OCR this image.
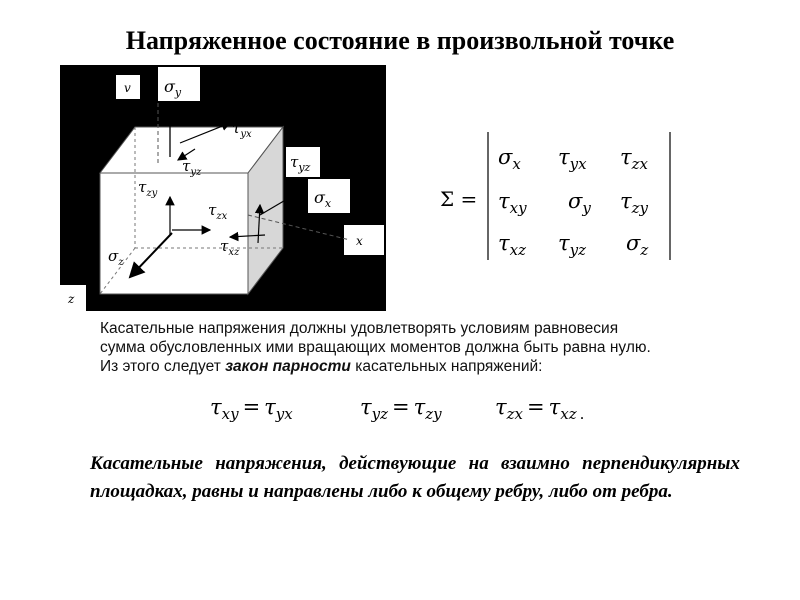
Напряженное состояние в произвольной точке
v $\sigma_y$
x
z
$\sigma_x$
$\tau_{yz}$
$\tau_{yx}$
$\tau_{yz}$
$\tau_{zy}$
$\tau_{zx}$
$\sigma_z$
$\tau_{xz}$
Σ =
$\sigma_x$ $\tau_{yx}$ $\tau_{zx}$
$\tau_{xy}$ $\sigma_y$ $\tau_{zy}$
$\tau_{xz}$ $\tau_{yz}$ $\sigma_z$
Касательные напряжения должны удовлетворять условиям равновесия
сумма обусловленных ими вращающих моментов должна быть равна нулю.
Из этого следует закон парности касательных напряжений:
$\tau_{xy} = \tau_{yx}$	$\tau_{yz} = \tau_{zy}$	$\tau_{zx} = \tau_{xz}$ .
Касательные напряжения, действующие на взаимно перпендикулярных площадках, равны и направлены либо к общему ребру, либо от ребра.
